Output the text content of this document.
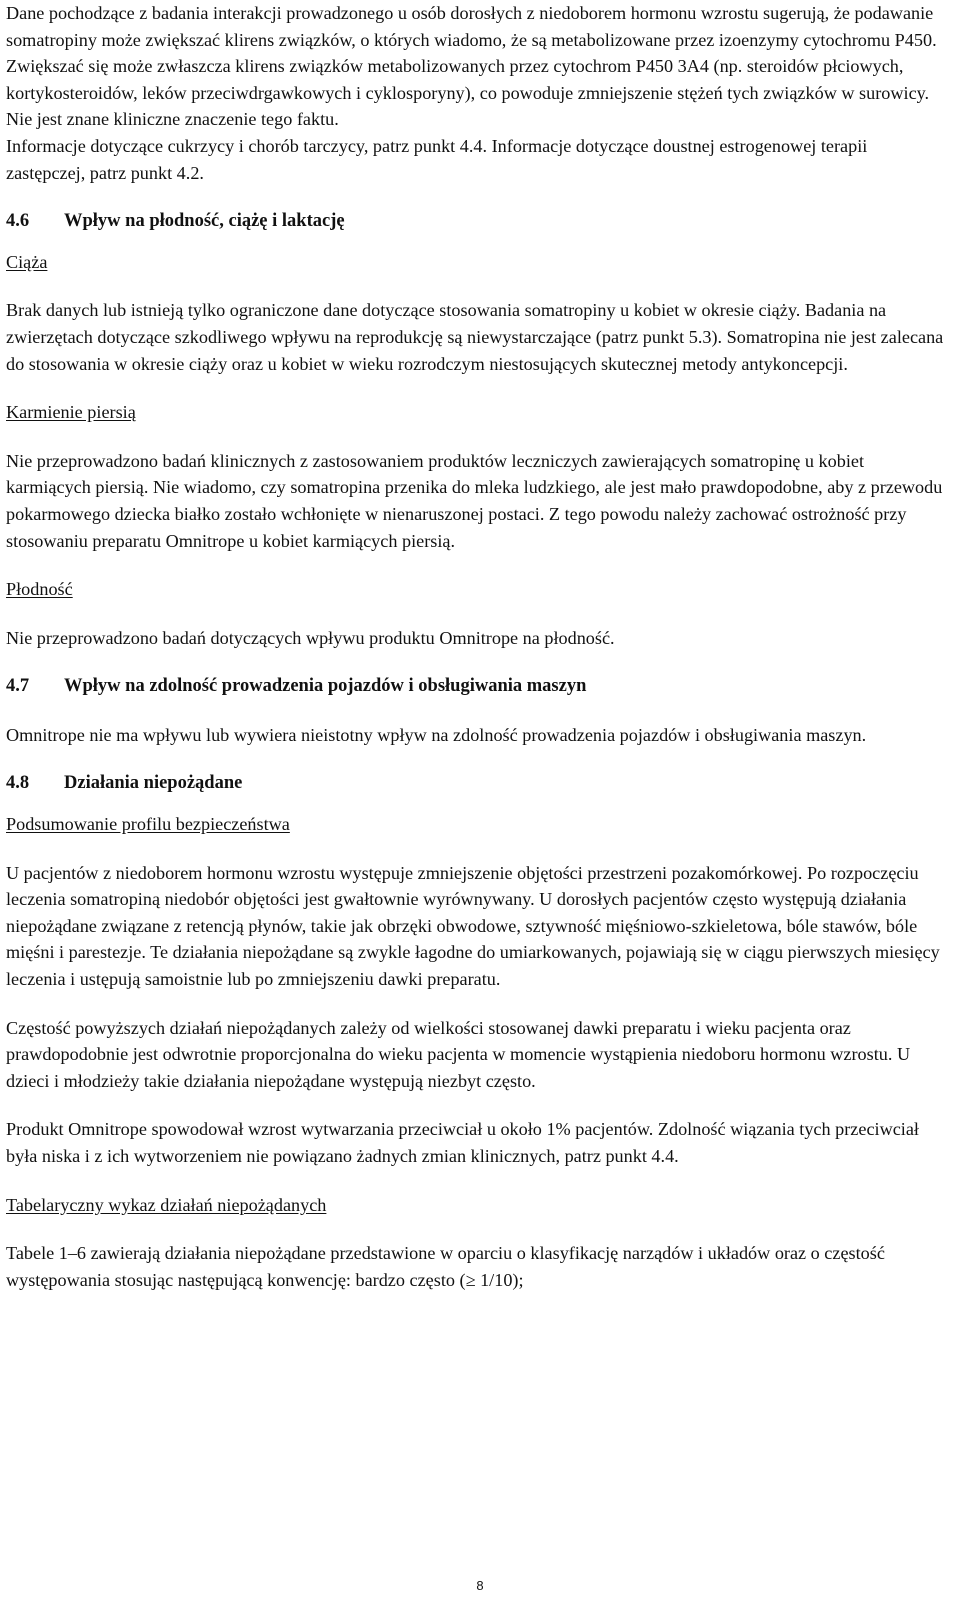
Dane pochodzące z badania interakcji prowadzonego u osób dorosłych z niedoborem hormonu wzrostu sugerują, że podawanie somatropiny może zwiększać klirens związków, o których wiadomo, że są metabolizowane przez izoenzymy cytochromu P450. Zwiększać się może zwłaszcza klirens związków metabolizowanych przez cytochrom P450 3A4 (np. steroidów płciowych, kortykosteroidów, leków przeciwdrgawkowych i cyklosporyny), co powoduje zmniejszenie stężeń tych związków w surowicy. Nie jest znane kliniczne znaczenie tego faktu.

Informacje dotyczące cukrzycy i chorób tarczycy, patrz punkt 4.4. Informacje dotyczące doustnej estrogenowej terapii zastępczej, patrz punkt 4.2.

4.6	Wpływ na płodność, ciążę i laktację

Ciąża

Brak danych lub istnieją tylko ograniczone dane dotyczące stosowania somatropiny u kobiet w okresie ciąży. Badania na zwierzętach dotyczące szkodliwego wpływu na reprodukcję są niewystarczające (patrz punkt 5.3). Somatropina nie jest zalecana do stosowania w okresie ciąży oraz u kobiet w wieku rozrodczym niestosujących skutecznej metody antykoncepcji.

Karmienie piersią

Nie przeprowadzono badań klinicznych z zastosowaniem produktów leczniczych zawierających somatropinę u kobiet karmiących piersią. Nie wiadomo, czy somatropina przenika do mleka ludzkiego, ale jest mało prawdopodobne, aby z przewodu pokarmowego dziecka białko zostało wchłonięte w nienaruszonej postaci. Z tego powodu należy zachować ostrożność przy stosowaniu preparatu Omnitrope u kobiet karmiących piersią.

Płodność

Nie przeprowadzono badań dotyczących wpływu produktu Omnitrope na płodność.

4.7	Wpływ na zdolność prowadzenia pojazdów i obsługiwania maszyn

Omnitrope nie ma wpływu lub wywiera nieistotny wpływ na zdolność prowadzenia pojazdów i obsługiwania maszyn.

4.8	Działania niepożądane

Podsumowanie profilu bezpieczeństwa

U pacjentów z niedoborem hormonu wzrostu występuje zmniejszenie objętości przestrzeni pozakomórkowej. Po rozpoczęciu leczenia somatropiną niedobór objętości jest gwałtownie wyrównywany. U dorosłych pacjentów często występują działania niepożądane związane z retencją płynów, takie jak obrzęki obwodowe, sztywność mięśniowo-szkieletowa, bóle stawów, bóle mięśni i parestezje. Te działania niepożądane są zwykle łagodne do umiarkowanych, pojawiają się w ciągu pierwszych miesięcy leczenia i ustępują samoistnie lub po zmniejszeniu dawki preparatu.

Częstość powyższych działań niepożądanych zależy od wielkości stosowanej dawki preparatu i wieku pacjenta oraz prawdopodobnie jest odwrotnie proporcjonalna do wieku pacjenta w momencie wystąpienia niedoboru hormonu wzrostu. U dzieci i młodzieży takie działania niepożądane występują niezbyt często.

Produkt Omnitrope spowodował wzrost wytwarzania przeciwciał u około 1% pacjentów. Zdolność wiązania tych przeciwciał była niska i z ich wytworzeniem nie powiązano żadnych zmian klinicznych, patrz punkt 4.4.

Tabelaryczny wykaz działań niepożądanych

Tabele 1–6 zawierają działania niepożądane przedstawione w oparciu o klasyfikację narządów i układów oraz o częstość występowania stosując następującą konwencję: bardzo często (≥ 1/10);

8
